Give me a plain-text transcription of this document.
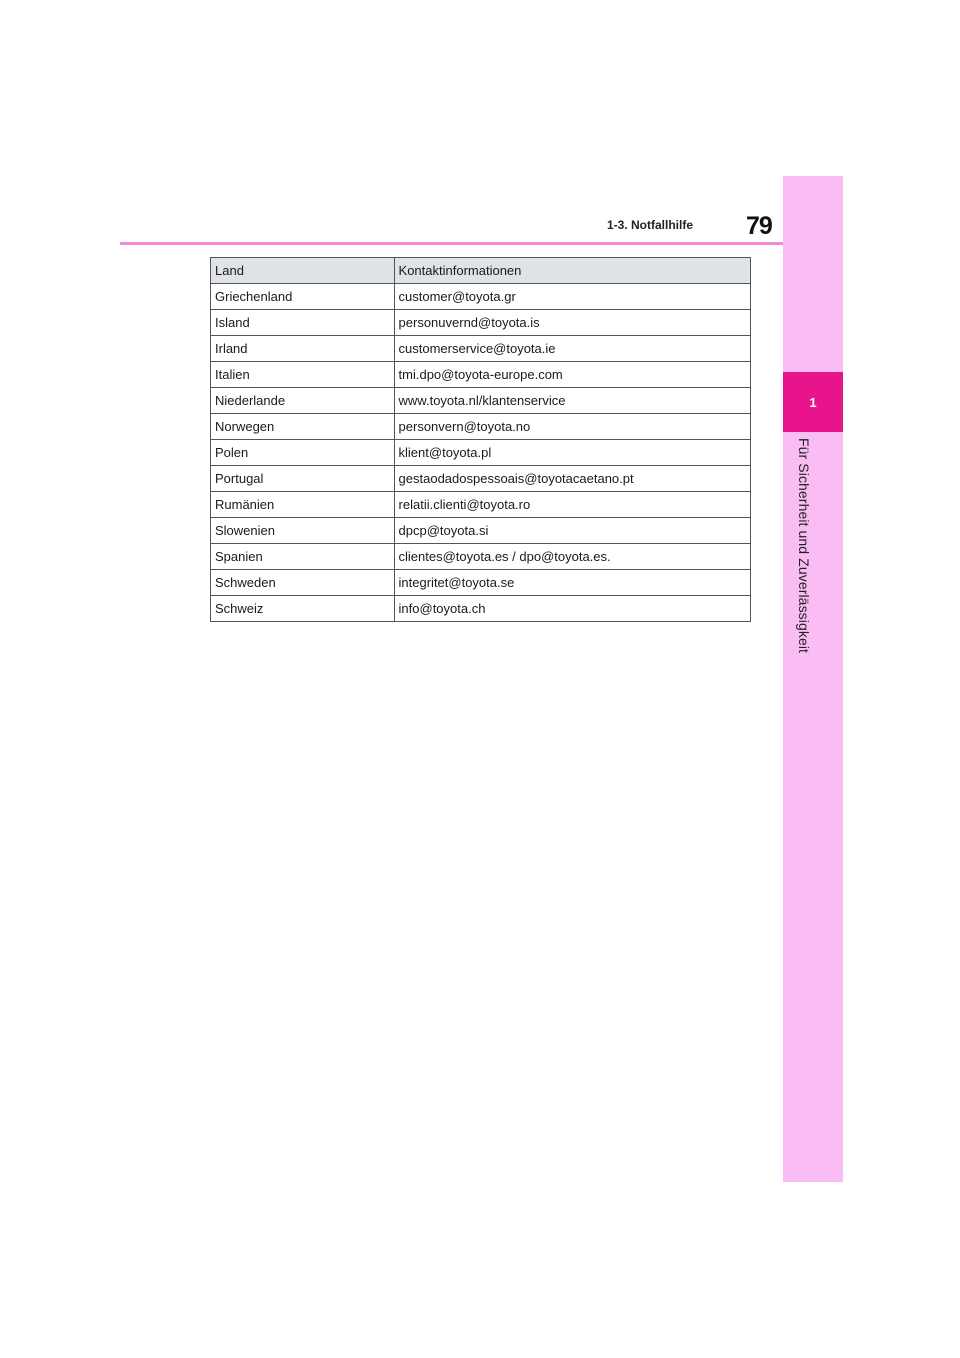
1-3. Notfallhilfe 79
1
Für Sicherheit und Zuverlässigkeit
Land	Kontaktinformationen
Griechenland	customer@toyota.gr
Island	personuvernd@toyota.is
Irland	customerservice@toyota.ie
Italien	tmi.dpo@toyota-europe.com
Niederlande	www.toyota.nl/klantenservice
Norwegen	personvern@toyota.no
Polen	klient@toyota.pl
Portugal	gestaodadospessoais@toyotacaetano.pt
Rumänien	relatii.clienti@toyota.ro
Slowenien	dpcp@toyota.si
Spanien	clientes@toyota.es / dpo@toyota.es.
Schweden	integritet@toyota.se
Schweiz	info@toyota.ch
